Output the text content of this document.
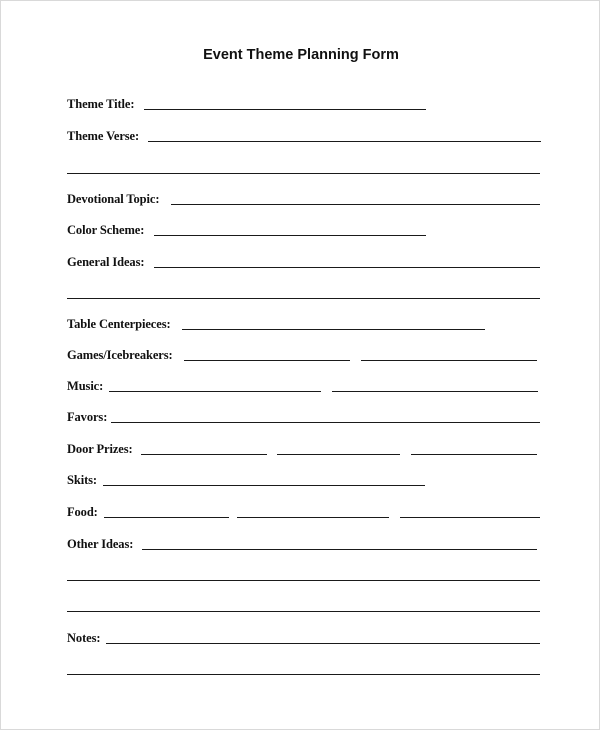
Event Theme Planning Form
Theme Title:
Theme Verse:
Devotional Topic:
Color Scheme:
General Ideas:
Table Centerpieces:
Games/Icebreakers:
Music:
Favors:
Door Prizes:
Skits:
Food:
Other Ideas:
Notes:
